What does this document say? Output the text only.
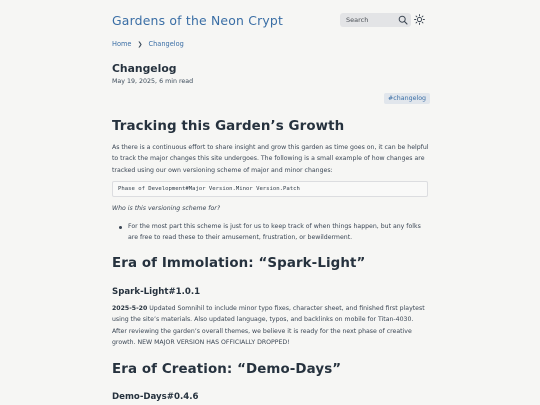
Gardens of the Neon Crypt
Search
Home ❯ Changelog
Changelog
May 19, 2025, 6 min read
#changelog
Tracking this Garden’s Growth
As there is a continuous effort to share insight and grow this garden as time goes on, it can be helpful to track the major changes this site undergoes. The following is a small example of how changes are tracked using our own versioning scheme of major and minor changes:
Phase of Development#Major Version.Minor Version.Patch
Who is this versioning scheme for?
For the most part this scheme is just for us to keep track of when things happen, but any folks are free to read these to their amusement, frustration, or bewilderment.
Era of Immolation: “Spark-Light”
Spark-Light#1.0.1
2025-5-20 Updated Somnihil to include minor typo fixes, character sheet, and finished first playtest using the site’s materials. Also updated language, typos, and backlinks on mobile for Titan-4030. After reviewing the garden’s overall themes, we believe it is ready for the next phase of creative growth. NEW MAJOR VERSION HAS OFFICIALLY DROPPED!
Era of Creation: “Demo-Days”
Demo-Days#0.4.6
